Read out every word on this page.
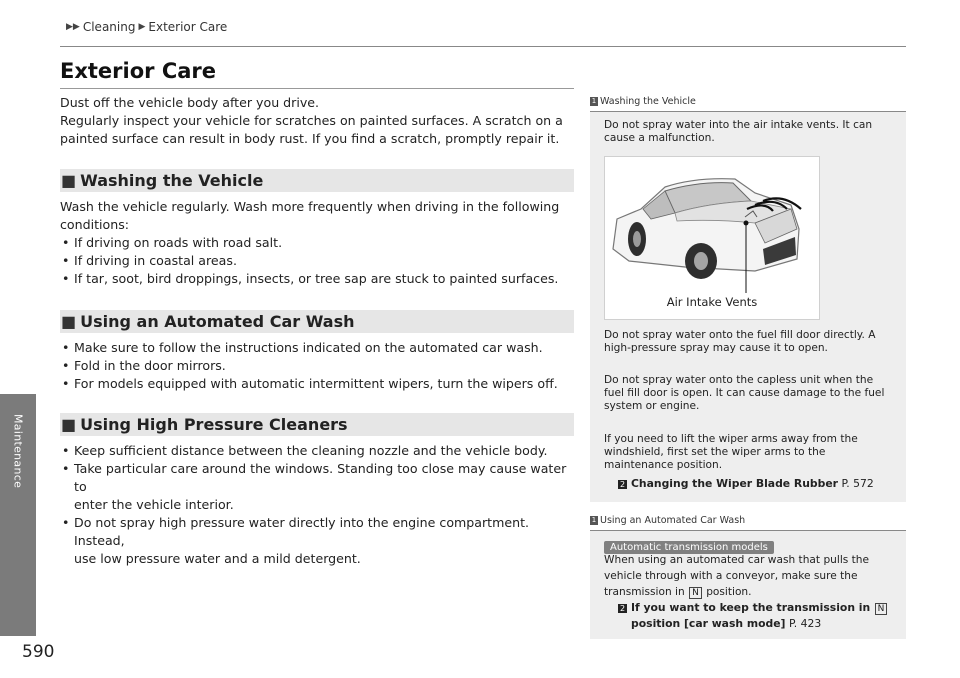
▶▶ Cleaning ▶ Exterior Care
Maintenance
590
Exterior Care
Dust off the vehicle body after you drive.
Regularly inspect your vehicle for scratches on painted surfaces. A scratch on a
painted surface can result in body rust. If you find a scratch, promptly repair it.
■ Washing the Vehicle
Wash the vehicle regularly. Wash more frequently when driving in the following
conditions:
• If driving on roads with road salt.
• If driving in coastal areas.
• If tar, soot, bird droppings, insects, or tree sap are stuck to painted surfaces.
■ Using an Automated Car Wash
• Make sure to follow the instructions indicated on the automated car wash.
• Fold in the door mirrors.
• For models equipped with automatic intermittent wipers, turn the wipers off.
■ Using High Pressure Cleaners
• Keep sufficient distance between the cleaning nozzle and the vehicle body.
• Take particular care around the windows. Standing too close may cause water to
enter the vehicle interior.
• Do not spray high pressure water directly into the engine compartment. Instead,
use low pressure water and a mild detergent.
1 Washing the Vehicle
Do not spray water into the air intake vents. It can
cause a malfunction.
Air Intake Vents
Do not spray water onto the fuel fill door directly. A
high-pressure spray may cause it to open.
Do not spray water onto the capless unit when the
fuel fill door is open. It can cause damage to the fuel
system or engine.
If you need to lift the wiper arms away from the
windshield, first set the wiper arms to the
maintenance position.
2 Changing the Wiper Blade Rubber P. 572
1 Using an Automated Car Wash
Automatic transmission models
When using an automated car wash that pulls the
vehicle through with a conveyor, make sure the
transmission in N position.
2 If you want to keep the transmission in N
position [car wash mode] P. 423
